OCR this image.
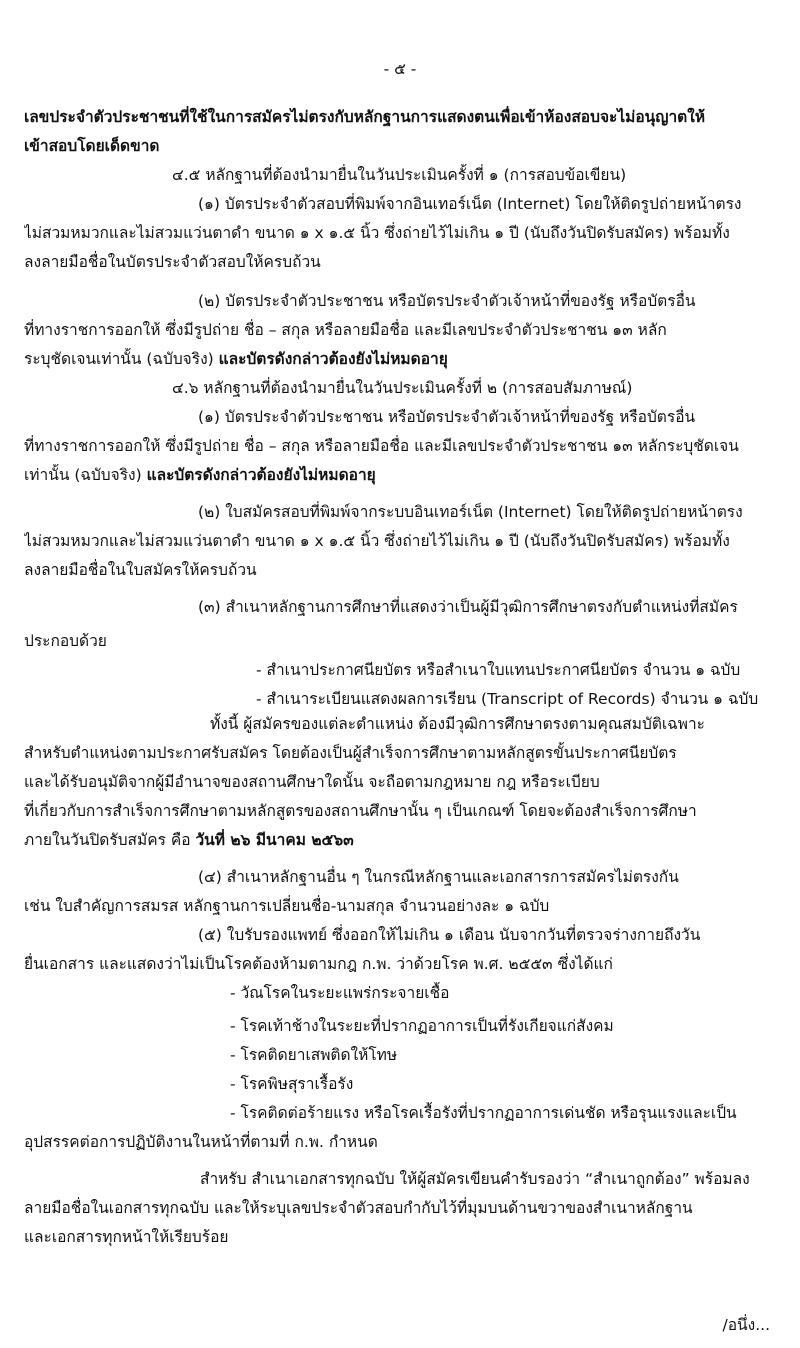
- ๕ -
เลขประจำตัวประชาชนที่ใช้ในการสมัครไม่ตรงกับหลักฐานการแสดงตนเพื่อเข้าห้องสอบจะไม่อนุญาตให้
เข้าสอบโดยเด็ดขาด
๔.๕ หลักฐานที่ต้องนำมายื่นในวันประเมินครั้งที่ ๑ (การสอบข้อเขียน)
(๑) บัตรประจำตัวสอบที่พิมพ์จากอินเทอร์เน็ต (Internet) โดยให้ติดรูปถ่ายหน้าตรง
ไม่สวมหมวกและไม่สวมแว่นตาดำ ขนาด ๑ x ๑.๕ นิ้ว ซึ่งถ่ายไว้ไม่เกิน ๑ ปี (นับถึงวันปิดรับสมัคร) พร้อมทั้ง
ลงลายมือชื่อในบัตรประจำตัวสอบให้ครบถ้วน
(๒) บัตรประจำตัวประชาชน หรือบัตรประจำตัวเจ้าหน้าที่ของรัฐ หรือบัตรอื่น
ที่ทางราชการออกให้ ซึ่งมีรูปถ่าย ชื่อ – สกุล หรือลายมือชื่อ และมีเลขประจำตัวประชาชน ๑๓ หลัก
ระบุชัดเจนเท่านั้น (ฉบับจริง) และบัตรดังกล่าวต้องยังไม่หมดอายุ
๔.๖ หลักฐานที่ต้องนำมายื่นในวันประเมินครั้งที่ ๒ (การสอบสัมภาษณ์)
(๑) บัตรประจำตัวประชาชน หรือบัตรประจำตัวเจ้าหน้าที่ของรัฐ หรือบัตรอื่น
ที่ทางราชการออกให้ ซึ่งมีรูปถ่าย ชื่อ – สกุล หรือลายมือชื่อ และมีเลขประจำตัวประชาชน ๑๓ หลักระบุชัดเจน
เท่านั้น (ฉบับจริง) และบัตรดังกล่าวต้องยังไม่หมดอายุ
(๒) ใบสมัครสอบที่พิมพ์จากระบบอินเทอร์เน็ต (Internet) โดยให้ติดรูปถ่ายหน้าตรง
ไม่สวมหมวกและไม่สวมแว่นตาดำ ขนาด ๑ x ๑.๕ นิ้ว ซึ่งถ่ายไว้ไม่เกิน ๑ ปี (นับถึงวันปิดรับสมัคร) พร้อมทั้ง
ลงลายมือชื่อในใบสมัครให้ครบถ้วน
(๓) สำเนาหลักฐานการศึกษาที่แสดงว่าเป็นผู้มีวุฒิการศึกษาตรงกับตำแหน่งที่สมัคร
ประกอบด้วย
- สำเนาประกาศนียบัตร หรือสำเนาใบแทนประกาศนียบัตร จำนวน ๑ ฉบับ
- สำเนาระเบียนแสดงผลการเรียน (Transcript of Records) จำนวน ๑ ฉบับ
ทั้งนี้ ผู้สมัครของแต่ละตำแหน่ง ต้องมีวุฒิการศึกษาตรงตามคุณสมบัติเฉพาะ
สำหรับตำแหน่งตามประกาศรับสมัคร โดยต้องเป็นผู้สำเร็จการศึกษาตามหลักสูตรขั้นประกาศนียบัตร
และได้รับอนุมัติจากผู้มีอำนาจของสถานศึกษาใดนั้น จะถือตามกฎหมาย กฎ หรือระเบียบ
ที่เกี่ยวกับการสำเร็จการศึกษาตามหลักสูตรของสถานศึกษานั้น ๆ เป็นเกณฑ์ โดยจะต้องสำเร็จการศึกษา
ภายในวันปิดรับสมัคร คือ วันที่ ๒๖ มีนาคม ๒๕๖๓
(๔) สำเนาหลักฐานอื่น ๆ ในกรณีหลักฐานและเอกสารการสมัครไม่ตรงกัน
เช่น ใบสำคัญการสมรส หลักฐานการเปลี่ยนชื่อ-นามสกุล จำนวนอย่างละ ๑ ฉบับ
(๕) ใบรับรองแพทย์ ซึ่งออกให้ไม่เกิน ๑ เดือน นับจากวันที่ตรวจร่างกายถึงวัน
ยื่นเอกสาร และแสดงว่าไม่เป็นโรคต้องห้ามตามกฎ ก.พ. ว่าด้วยโรค พ.ศ. ๒๕๕๓ ซึ่งได้แก่
- วัณโรคในระยะแพร่กระจายเชื้อ
- โรคเท้าช้างในระยะที่ปรากฏอาการเป็นที่รังเกียจแก่สังคม
- โรคติดยาเสพติดให้โทษ
- โรคพิษสุราเรื้อรัง
- โรคติดต่อร้ายแรง หรือโรคเรื้อรังที่ปรากฏอาการเด่นชัด หรือรุนแรงและเป็น
อุปสรรคต่อการปฏิบัติงานในหน้าที่ตามที่ ก.พ. กำหนด
สำหรับ สำเนาเอกสารทุกฉบับ ให้ผู้สมัครเขียนคำรับรองว่า “สำเนาถูกต้อง” พร้อมลง
ลายมือชื่อในเอกสารทุกฉบับ และให้ระบุเลขประจำตัวสอบกำกับไว้ที่มุมบนด้านขวาของสำเนาหลักฐาน
และเอกสารทุกหน้าให้เรียบร้อย
/อนึ่ง...
